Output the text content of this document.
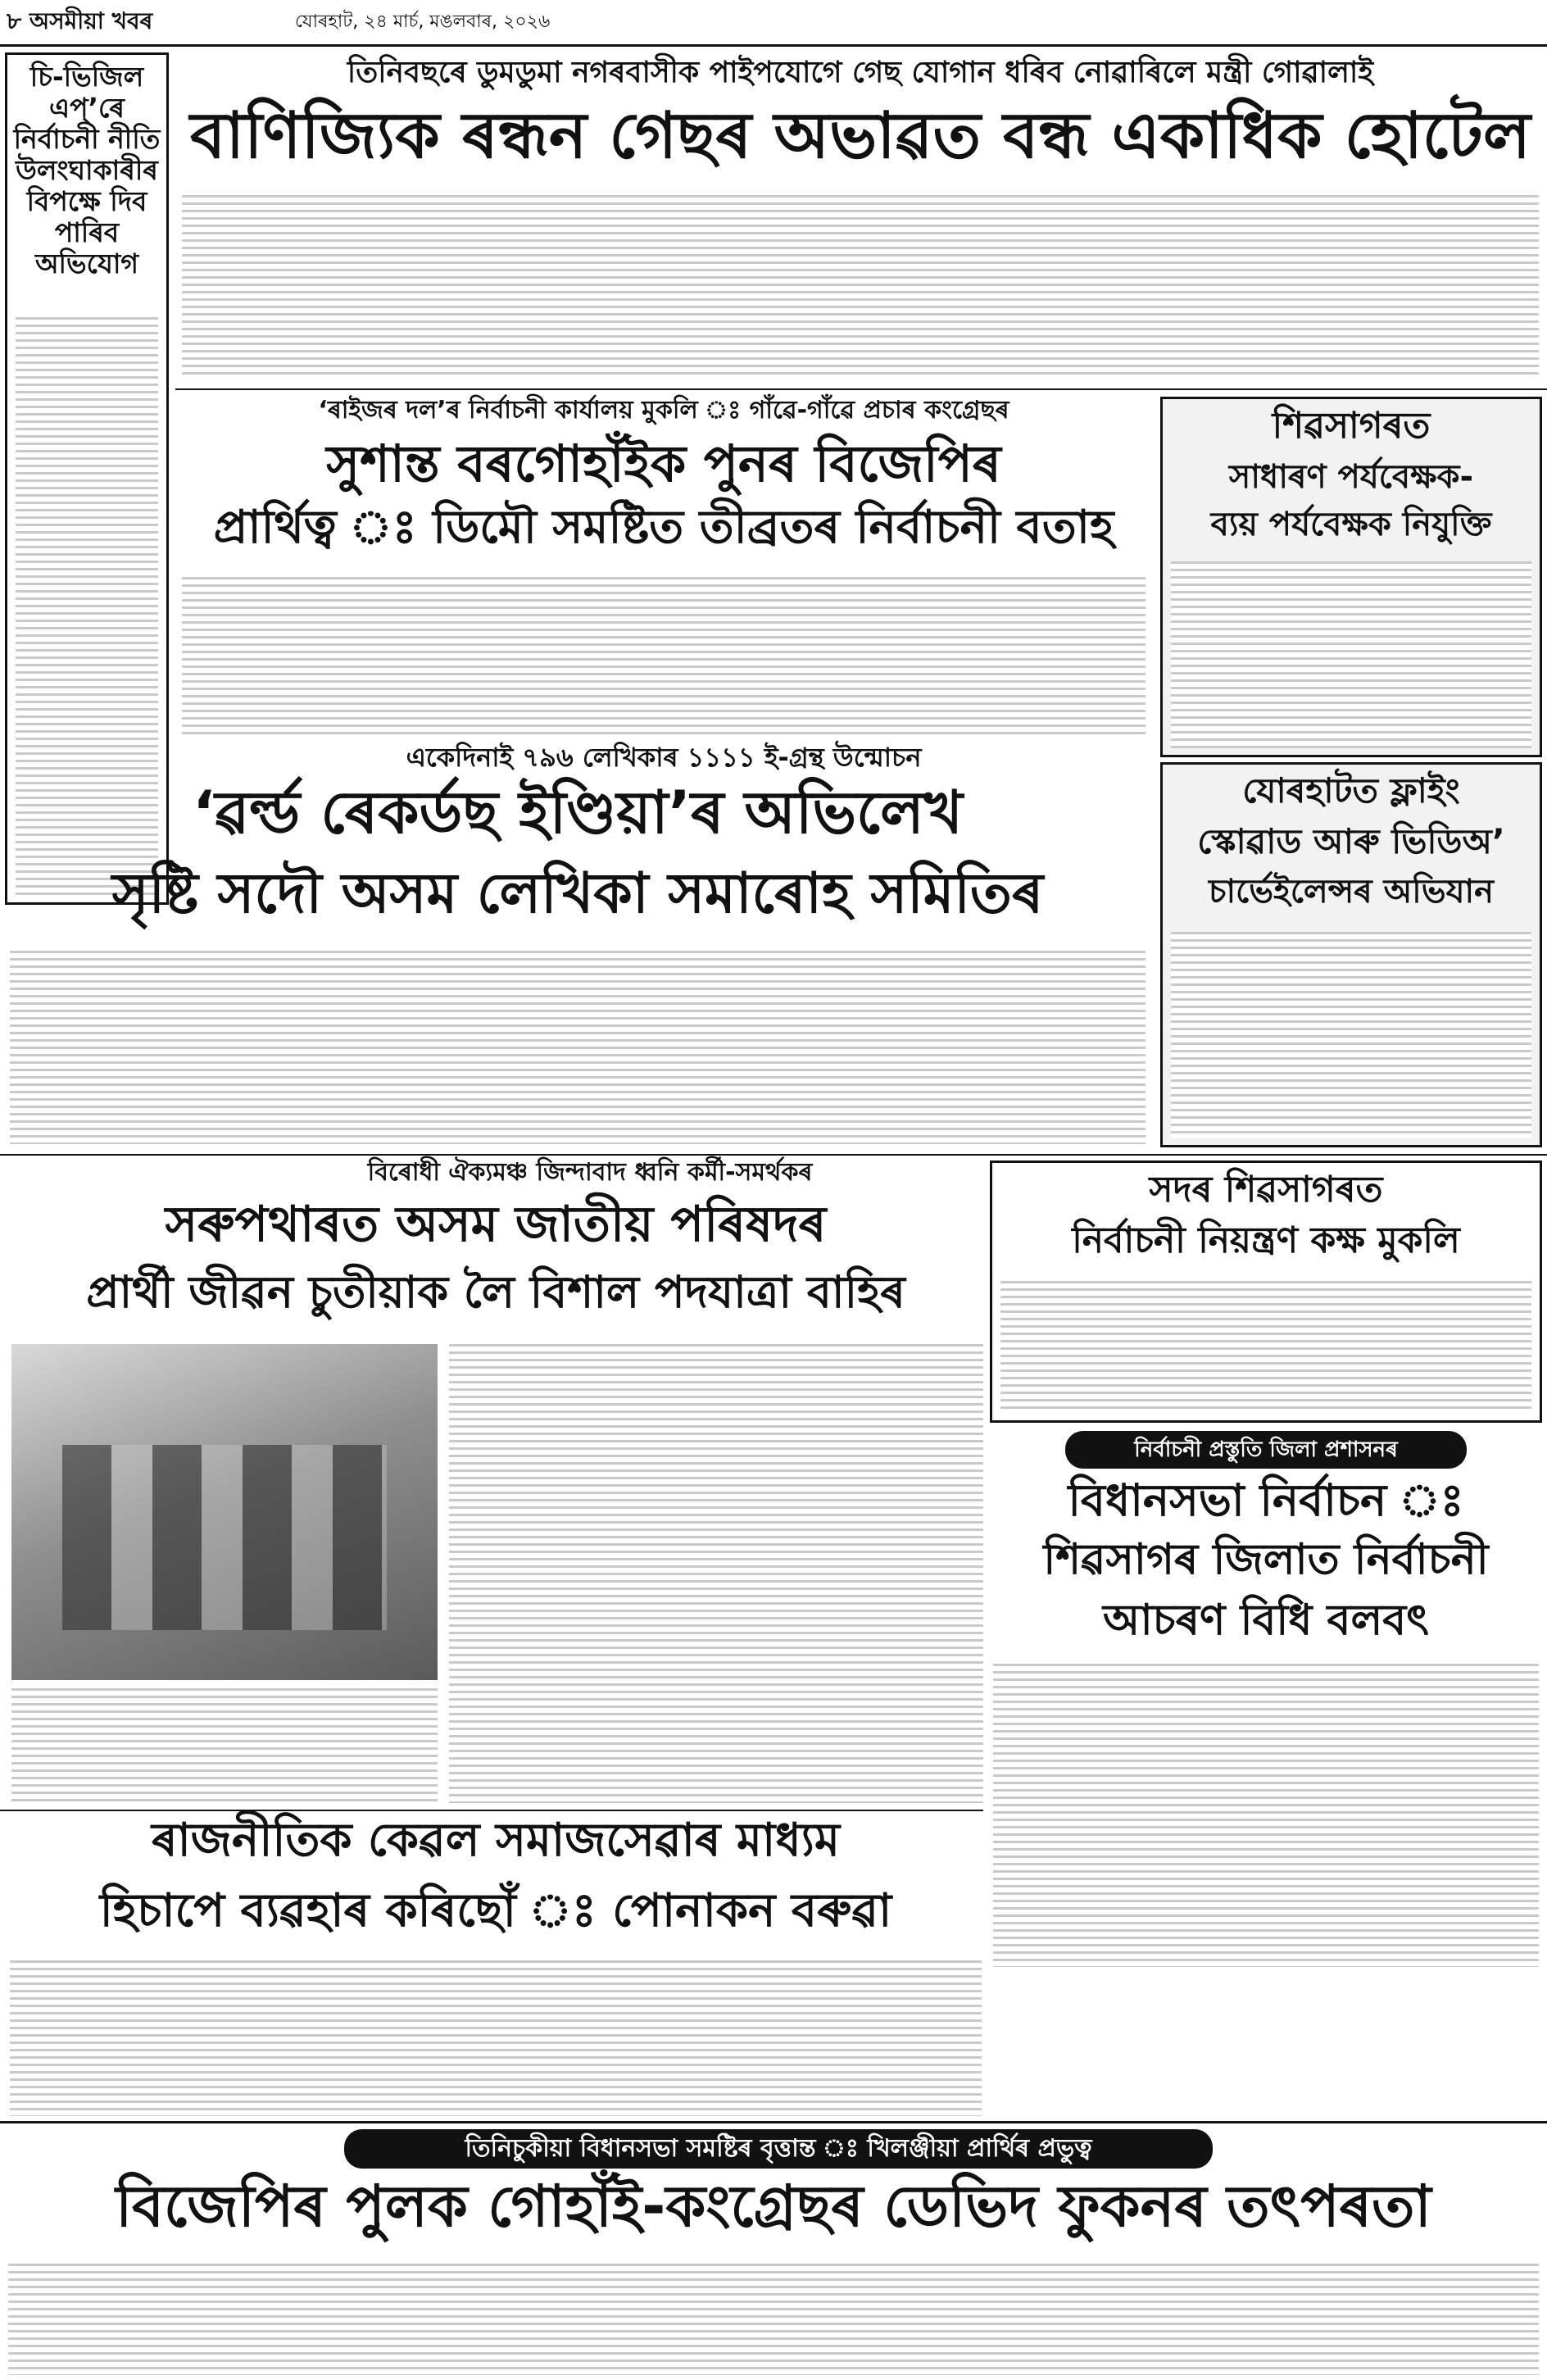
৮ অসমীয়া খবৰ	যোৰহাট, ২৪ মাৰ্চ, মঙলবাৰ, ২০২৬
চি-ভিজিল এপ্‌’ৰে নিৰ্বাচনী নীতি উলংঘাকাৰীৰ বিপক্ষে দিব পাৰিব অভিযোগ
তিনিবছৰে ডুমডুমা নগৰবাসীক পাইপযোগে গেছ যোগান ধৰিব নোৱাৰিলে মন্ত্ৰী গোৱালাই
বাণিজ্যিক ৰন্ধন গেছৰ অভাৱত বন্ধ একাধিক হোটেল
‘ৰাইজৰ দল’ৰ নিৰ্বাচনী কাৰ্যালয় মুকলি ঃ গাঁৱে-গাঁৱে প্ৰচাৰ কংগ্ৰেছৰ
সুশান্ত বৰগোহাঁইক পুনৰ বিজেপিৰ
প্ৰাৰ্থিত্ব ঃ ডিমৌ সমষ্টিত তীব্ৰতৰ নিৰ্বাচনী বতাহ
শিৱসাগৰত
সাধাৰণ পৰ্যবেক্ষক-
ব্যয় পৰ্যবেক্ষক নিযুক্তি
একেদিনাই ৭৯৬ লেখিকাৰ ১১১১ ই-গ্ৰন্থ উন্মোচন
‘ৱৰ্ল্ড ৰেকৰ্ডছ ইণ্ডিয়া’ৰ অভিলেখ
সৃষ্টি সদৌ অসম লেখিকা সমাৰোহ সমিতিৰ
যোৰহাটত ফ্লাইং
স্কোৱাড আৰু ভিডিঅ’
চাৰ্ভেইলেন্সৰ অভিযান
বিৰোধী ঐক্যমঞ্চ জিন্দাবাদ ধ্বনি কৰ্মী-সমৰ্থকৰ
সৰুপথাৰত অসম জাতীয় পৰিষদৰ
প্ৰাৰ্থী জীৱন চুতীয়াক লৈ বিশাল পদযাত্ৰা বাহিৰ
সদৰ শিৱসাগৰত
নিৰ্বাচনী নিয়ন্ত্ৰণ কক্ষ মুকলি
নিৰ্বাচনী প্ৰস্তুতি জিলা প্ৰশাসনৰ
বিধানসভা নিৰ্বাচন ঃ
শিৱসাগৰ জিলাত নিৰ্বাচনী
আচৰণ বিধি বলবৎ
ৰাজনীতিক কেৱল সমাজসেৱাৰ মাধ্যম
হিচাপে ব্যৱহাৰ কৰিছোঁ ঃ পোনাকন বৰুৱা
তিনিচুকীয়া বিধানসভা সমষ্টিৰ বৃত্তান্ত ঃ খিলঞ্জীয়া প্ৰাৰ্থিৰ প্ৰভুত্ব
বিজেপিৰ পুলক গোহাঁই-কংগ্ৰেছৰ ডেভিদ ফুকনৰ তৎপৰতা
